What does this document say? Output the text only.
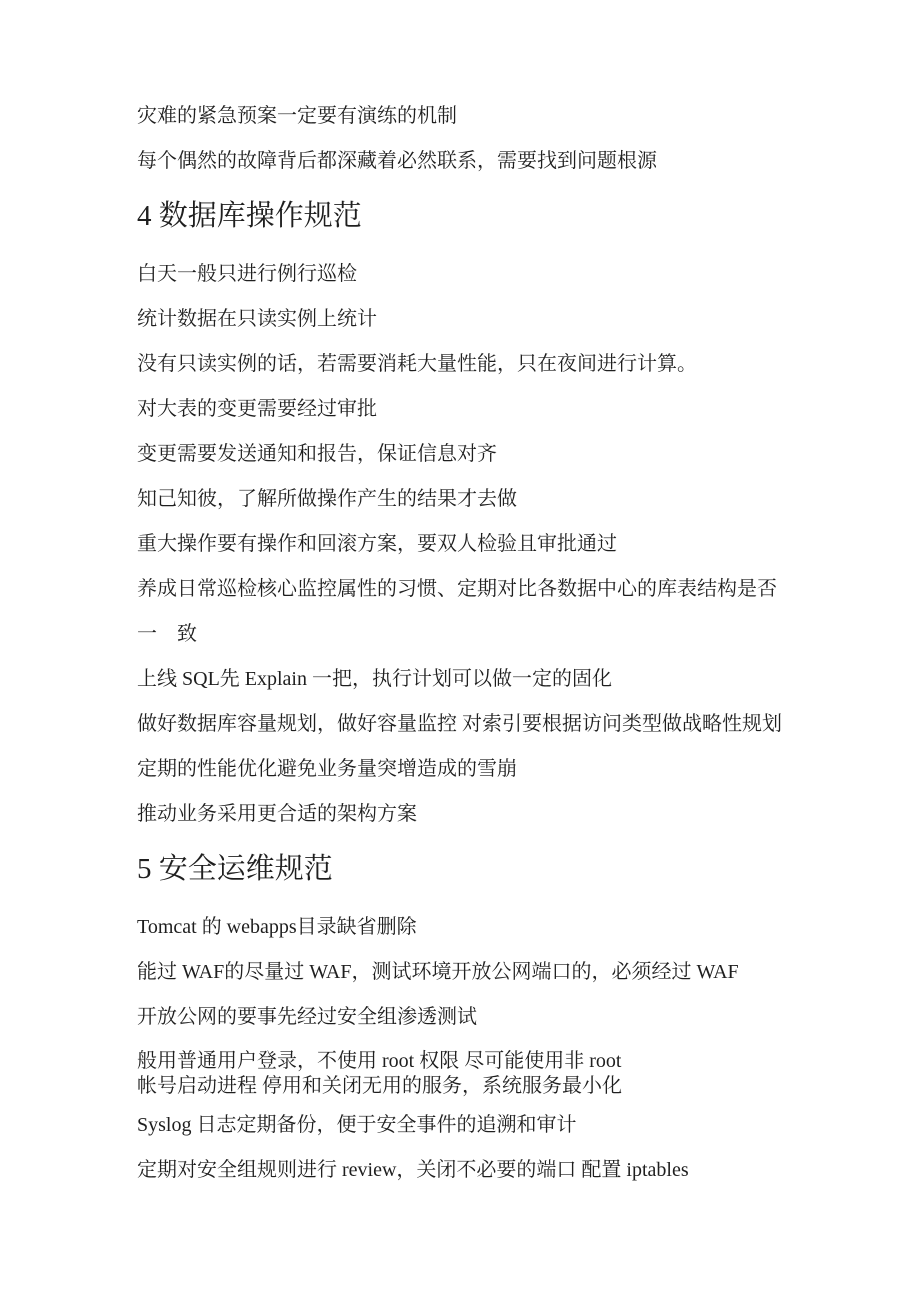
灾难的紧急预案一定要有演练的机制
每个偶然的故障背后都深藏着必然联系，需要找到问题根源
4 数据库操作规范
白天一般只进行例行巡检
统计数据在只读实例上统计
没有只读实例的话，若需要消耗大量性能，只在夜间进行计算。
对大表的变更需要经过审批
变更需要发送通知和报告，保证信息对齐
知己知彼，了解所做操作产生的结果才去做
重大操作要有操作和回滚方案，要双人检验且审批通过
养成日常巡检核心监控属性的习惯、定期对比各数据中心的库表结构是否
一　致
上线 SQL先 Explain 一把，执行计划可以做一定的固化
做好数据库容量规划，做好容量监控 对索引要根据访问类型做战略性规划
定期的性能优化避免业务量突增造成的雪崩
推动业务采用更合适的架构方案
5 安全运维规范
Tomcat 的 webapps目录缺省删除
能过 WAF的尽量过 WAF，测试环境开放公网端口的，必须经过 WAF
开放公网的要事先经过安全组渗透测试
般用普通用户登录，不使用 root 权限 尽可能使用非 root
帐号启动进程 停用和关闭无用的服务，系统服务最小化
Syslog 日志定期备份，便于安全事件的追溯和审计
定期对安全组规则进行 review，关闭不必要的端口 配置 iptables
